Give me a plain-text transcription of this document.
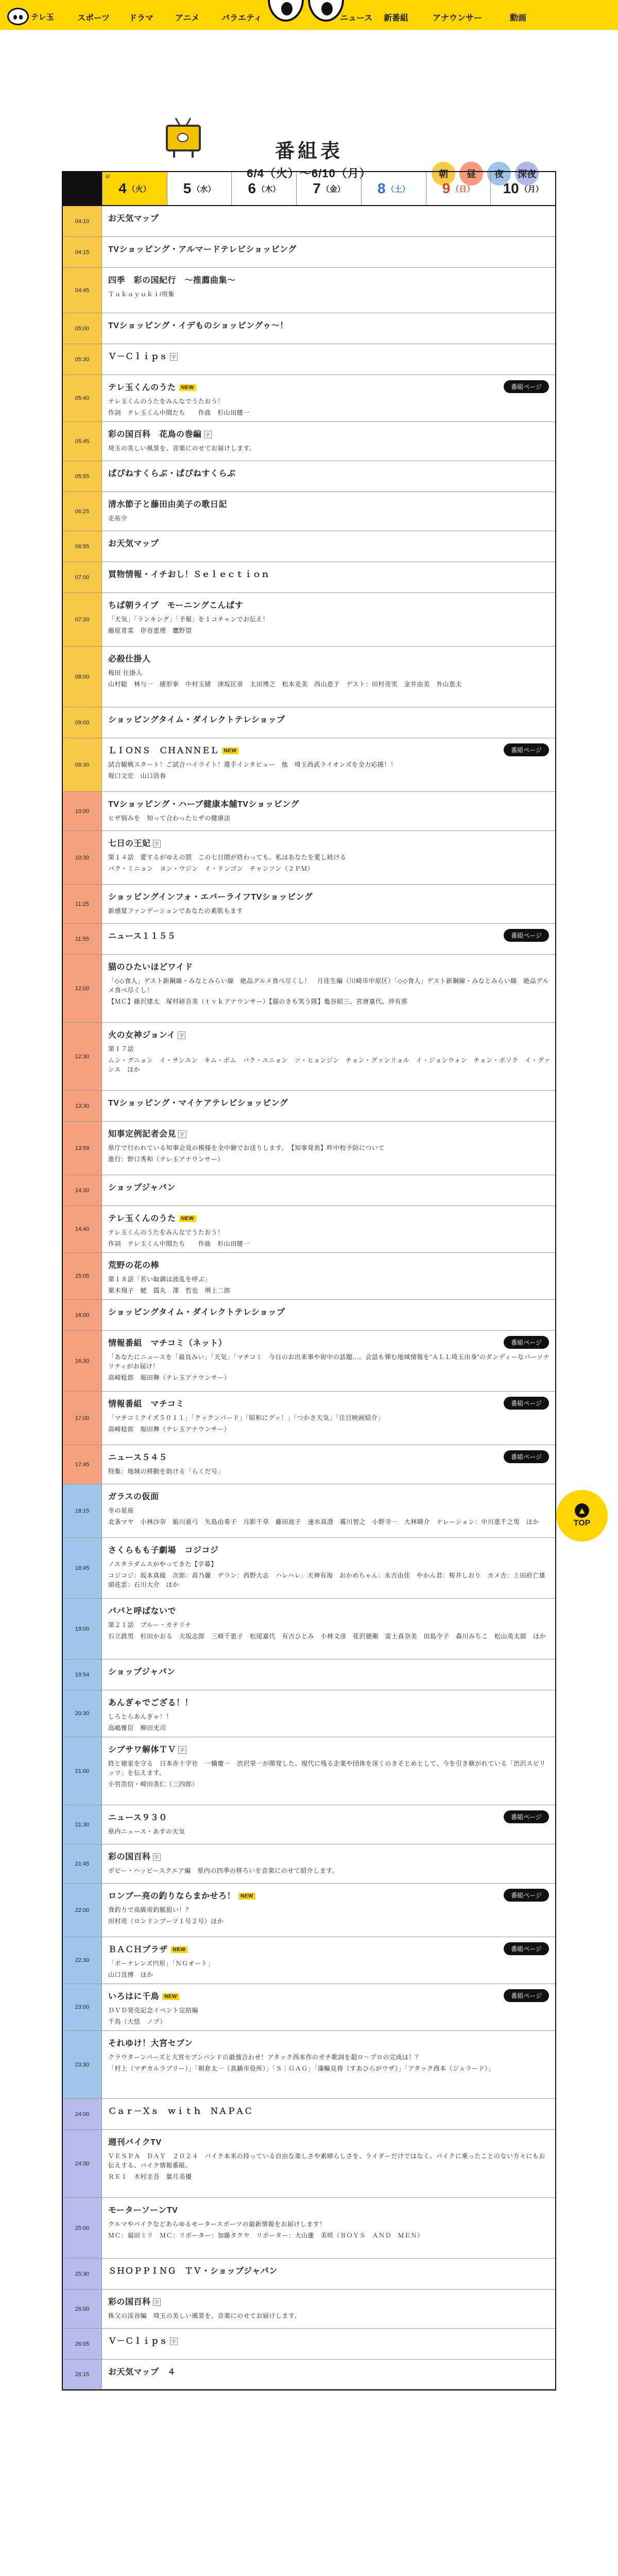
テレ玉	スポーツ ドラマ	アニメ	バラエティ	ニュース 新番組	アナウンサー	動画
番組表
6/4（火）〜6/10（月）	朝	昼	夜	深夜
6/
4 （火） 5 （水） 6 （木） 7 （金） 8 （土） 9 （日） 10 （月）
04:10	お天気マップ
04:15	TVショッピング・アルマードテレビショッピング
04:45
四季　彩の国紀行　～推薦曲集～
Ｔａｋａｙｕｋｉ/用集
05:00	TVショッピング・イデものショッピングゥ～！
05:30	Ｖ－Ｃｌｉｐｓ 字
05:40
テレ玉くんのうた NEW
テレ玉くんのうたをみんなでうたおう！
作詞　テレ玉くん中間たち　　作曲　杉山田健一
番組ページ
05:45
彩の国百科　花鳥の巻編 字
埼玉の美しい風景を、音楽にのせてお届けします。
05:55	ぱぴねすくらぶ・ぱぴねすくらぶ
06:25
清水節子と藤田由美子の歌日記
走祐介
06:55	お天気マップ
07:00	買物情報・イチおし！Ｓｅｌｅｃｔｉｏｎ
07:30
ちば朝ライブ　モーニングこんぱす
「天気」「ランキング」「予報」を１コチャンでお伝え！
藤原青菜　岸谷恵理　鷹野望
08:00
必殺仕掛人
梅田 仕掛人
山村聡　林与一　緒形拳　中村玉緒　津坂匡章　太田博之　松本克美　西山恵子　ゲスト：田村亮実　金井由美　外山恵太
09:00	ショッピングタイム・ダイレクトテレショップ
09:30
ＬＩＯＮＳ　ＣＨＡＮＮＥＬ NEW
試合観戦スタート！ご試合ハイライト！選手インタビュー　他　埼玉西武ライオンズを全力応援！！
堀口文宏　山口浩春
番組ページ
10:00
TVショッピング・ハーブ健康本舗TVショッピング
ヒザ悩みを　知って合わったヒザの健康法
10:30
七日の王妃 字
第１４話　愛するがゆえの罰　この七日間が終わっても、私はあなたを愛し続ける
パク・ミニョン　ヨン・ウジン　イ・ドンゴン　チャンソン（２ＰＭ）
11:25
ショッピングインフォ・エバーライフTVショッピング
新感覚ファンデーションであなたの素肌もます
11:55	ニュース１１５５	番組ページ
12:00
猫のひたいほどワイド
「◇◇食人」ゲスト新鋼線・みなとみらい線　絶品グルメ食べ尽くし！　月佳生編（川崎市中原区）「◇◇食人」ゲスト新鋼線・みなとみらい線　絶品グルメ食べ尽くし！
【ＭＣ】藤沢建太　塚村研吾美（ｔｖｋアナウンサー）【猫のきも笑う隊】亀谷昭三、宮唐嘉代、沖有那
12:30
火の女神ジョンイ 字
第１７話
ムン・グニョン　イ・サンユン　キム・ボム　パク・ユニョン　ソ・ヒョンジン　チョン・グァンリョル　イ・ジョンウォン　チョン・ボソク　イ・グァンス　ほか
13:30	TVショッピング・マイケアテレビショッピング
13:59
知事定例記者会見 字
県庁で行われている知事会見の模様を全中継でお送りします。　【知事発表】昨中校予防について
進行：野口秀和（テレ玉アナウンサー）
14:30	ショップジャパン
14:40
テレ玉くんのうた NEW
テレ玉くんのうたをみんなでうたおう！
作詞　テレ玉くん中間たち　　作曲　杉山田健一
15:05
荒野の花の棒
第１８話「若い取調は波乱を呼ぶ」
栗木翔子　蛯　霞丸　澤　哲也　堺上二郎
16:00	ショッピングタイム・ダイレクトテレショップ
16:30
情報番組　マチコミ（ネット）
「あなたにニュースを「最良みい」「天気」「マチコミ　今日のお出来事や街中の話題…。会話も弾む地域情報を“ＡＬＬ埼玉出身”のダンディーなパーソナリティがお届け！
高崎稔郎　堀田舞（テレ玉アナウンサー）
番組ページ
17:00
情報番組　マチコミ
「マチコミクイズ５０１１」「クックンパード」「昭和にグッ！」「つかさ天気」「注目映画紹介」
高崎稔郎　堀田舞（テレ玉アナウンサー）
番組ページ
17:45
ニュース５４５
特集：地域の移動を助ける「らくだ号」
番組ページ
18:15
ガラスの仮面
冬の星座
北条マヤ　小林沙奈　姫川亜弓　矢島由希子　月影千草　藤田波子　速水真澄　霧川智之　小野寺一　大林晴介　ナレーション：中川恵千之男　ほか
18:45
さくらもも子劇場　コジコジ
ノスタラダムスがやってきた【字幕】
コジコジ：坂本真綾　次郎：高乃麗　ゲラン：西野大志　ハレハレ：天神有海　おかめちゃん：永吉由佳　やかん君：桜井しおり　カメ吉：上田府亡雄　頭花雲：石川大介　ほか
19:00
パパと呼ばないで
第２１話　ブルー・カテリナ
石立鉄男　杉田かおる　大坂志郎　三崎千恵子　松尾嘉代　有吉ひとみ　小林文彦　花沢徳衛　富士真奈美　田島令子　森川みちこ　松山英太郎　ほか
19:54	ショップジャパン
20:30
あんぎゃでござる！！
しろとらあんぎゃ！！
高嶋雅臣　柳田光司
21:00
シブサワ解体ＴＶ 字
終と徳家を守る　日本赤十字社　一橋慶一　渋沢栄一が開発した、現代に残る企業や団体を深くのきそとめとして、今を引き継がれている「渋沢スピリッツ」を伝えます。
小宮浩信・崎田美仁（三四郎）
21:30
ニュース９３０
県内ニュース・あすの天気
番組ページ
21:45
彩の国百科 字
ポピー・ハッピースクエア編　県内の四季の移ろいを音楽にのせて紹介します。
22:00
ロンブー亮の釣りならまかせろ！ NEW
食釣りで高級帝釣脈狙い！？
田村亮（ロンドンブーツ１号２号）ほか
番組ページ
22:30
ＢＡＣＨプラザ NEW
「ボーナレンズ円形」「ＮＧオート」
山口良博　ほか
番組ページ
23:00
いろはに千鳥 NEW
ＤＶＤ発売記念イベント完結編
千鳥（大悟　ノブ）
番組ページ
23:30
それゆけ！大宮セブン
クラウターンバーズと大宮セブンバンドの最強合わせ！アタック西本作のガチ歌詞を超ロ〜プロの完成は！？
「村上（マヂカルラブリー）」「朝倉太一（真鍋市役所）」「Ｓ｜ＧＡＧ」「藻輪見将（すあひらがウザ）」「アタック西本（ジェラード）」
24:00	Ｃａｒ－Ｘｓ　ｗｉｔｈ　ＮＡＰＡＣ
24:30
週刊バイクTV
ＶＥＳＰＡ　ＤＡＹ　２０２４　バイク本来の持っている自由な楽しさや素晴らしさを、ライダーだけではなく、バイクに乗ったことのない方々にもお伝えする、バイク情報番組。
ＲＥＩ　木村圭吾　葉月美優
25:00
モーターソーンTV
クルマやバイクなどあらゆるモータースポーツの最新情報をお届けします！
ＭＣ：福田ミリ　ＭＣ：リポーター：加藤タクヤ　リポーター：大山蓮　美咲（ＢＯＹＳ　ＡＮＤ　ＭＥＮ）
25:30	ＳＨＯＰＰＩＮＧ　ＴＶ・ショップジャパン
26:00
彩の国百科 字
株父の渓谷編　埼玉の美しい風景を、音楽にのせてお届けします。
26:05	Ｖ－Ｃｌｉｐｓ 字
26:15	お天気マップ　４
▲
TOP
